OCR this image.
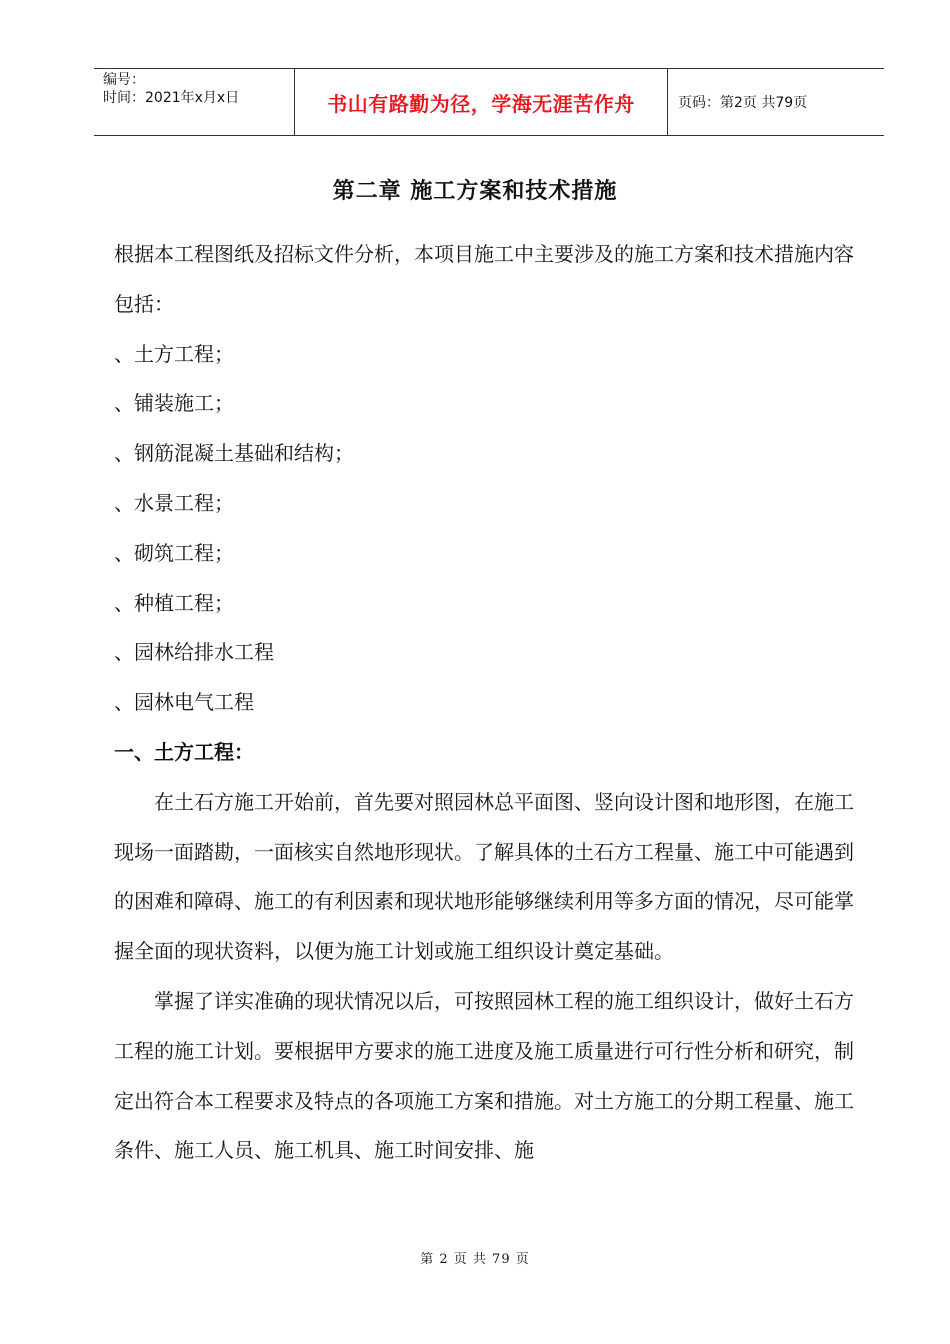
编号：
时间：2021年x月x日	书山有路勤为径，学海无涯苦作舟	页码：第2页 共79页
第二章 施工方案和技术措施

根据本工程图纸及招标文件分析，本项目施工中主要涉及的施工方案和技术措施内容包括：

、土方工程；

、铺装施工；

、钢筋混凝土基础和结构；

、水景工程；

、砌筑工程；

、种植工程；

、园林给排水工程

、园林电气工程

一、土方工程：

在土石方施工开始前，首先要对照园林总平面图、竖向设计图和地形图，在施工现场一面踏勘，一面核实自然地形现状。了解具体的土石方工程量、施工中可能遇到的困难和障碍、施工的有利因素和现状地形能够继续利用等多方面的情况，尽可能掌握全面的现状资料，以便为施工计划或施工组织设计奠定基础。

掌握了详实准确的现状情况以后，可按照园林工程的施工组织设计，做好土石方工程的施工计划。要根据甲方要求的施工进度及施工质量进行可行性分析和研究，制定出符合本工程要求及特点的各项施工方案和措施。对土方施工的分期工程量、施工条件、施工人员、施工机具、施工时间安排、施

第 2 页 共 79 页
